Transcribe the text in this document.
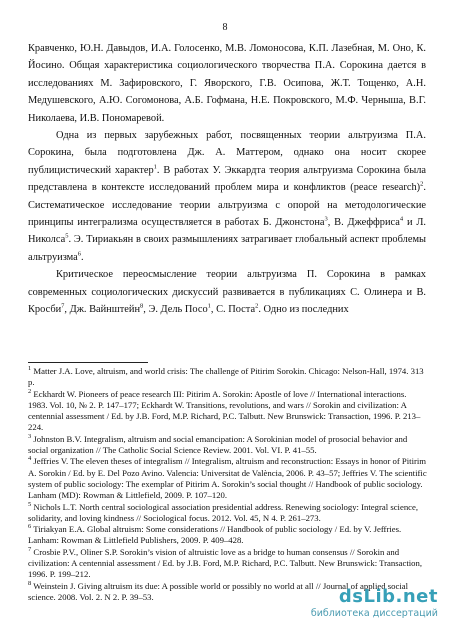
8

Кравченко, Ю.Н. Давыдов, И.А. Голосенко, М.В. Ломоносова, К.П. Лазебная, М. Оно, К. Йосино. Общая характеристика социологического творчества П.А. Сорокина дается в исследованиях М. Зафировского, Г. Яворского, Г.В. Осипова, Ж.Т. Тощенко, А.Н. Медушевского, А.Ю. Согомонова, А.Б. Гофмана, Н.Е. Покровского, М.Ф. Черныша, В.Г. Николаева, И.В. Пономаревой.

Одна из первых зарубежных работ, посвященных теории альтруизма П.А. Сорокина, была подготовлена Дж. А. Маттером, однако она носит скорее публицистический характер$^1$. В работах У. Эккардта теория альтруизма Сорокина была представлена в контексте исследований проблем мира и конфликтов (peace research)$^2$. Систематическое исследование теории альтруизма с опорой на методологические принципы интегрализма осуществляется в работах Б. Джонстона$^3$, В. Джеффриса$^4$ и Л. Николса$^5$. Э. Тириакьян в своих размышлениях затрагивает глобальный аспект проблемы альтруизма$^6$.

Критическое переосмысление теории альтруизма П. Сорокина в рамках современных социологических дискуссий развивается в публикациях С. Олинера и В. Кросби$^7$, Дж. Вайнштейн$^8$, Э. Дель Посо$^1$, С. Поста$^2$. Одно из последних

$^1$ Matter J.A. Love, altruism, and world crisis: The challenge of Pitirim Sorokin. Chicago: Nelson-Hall, 1974. 313 p.

$^2$ Eckhardt W. Pioneers of peace research III: Pitirim A. Sorokin: Apostle of love // International interactions. 1983. Vol. 10, № 2. P. 147–177; Eckhardt W. Transitions, revolutions, and wars // Sorokin and civilization: A centennial assessment / Ed. by J.B. Ford, M.P. Richard, P.C. Talbutt. New Brunswick: Transaction, 1996. P. 213–224.

$^3$ Johnston B.V. Integralism, altruism and social emancipation: A Sorokinian model of prosocial behavior and social organization // The Catholic Social Science Review. 2001. Vol. VI. P. 41–55.

$^4$ Jeffries V. The eleven theses of integralism // Integralism, altruism and reconstruction: Essays in honor of Pitirim A. Sorokin / Ed. by E. Del Pozo Avino. Valencia: Universitat de València, 2006. P. 43–57; Jeffries V. The scientific system of public sociology: The exemplar of Pitirim A. Sorokin’s social thought // Handbook of public sociology. Lanham (MD): Rowman & Littlefield, 2009. P. 107–120.

$^5$ Nichols L.T. North central sociological association presidential address. Renewing sociology: Integral science, solidarity, and loving kindness // Sociological focus. 2012. Vol. 45, N 4. P. 261–273.

$^6$ Tiriakyan E.A. Global altruism: Some considerations // Handbook of public sociology / Ed. by V. Jeffries. Lanham: Rowman & Littlefield Publishers, 2009. P. 409–428.

$^7$ Crosbie P.V., Oliner S.P. Sorokin’s vision of altruistic love as a bridge to human consensus // Sorokin and civilization: A centennial assessment / Ed. by J.B. Ford, M.P. Richard, P.C. Talbutt. New Brunswick: Transaction, 1996. P. 199–212.

$^8$ Weinstein J. Giving altruism its due: A possible world or possibly no world at all // Journal of applied social science. 2008. Vol. 2. N 2. P. 39–53.	dsLib.net
библиотека диссертаций
